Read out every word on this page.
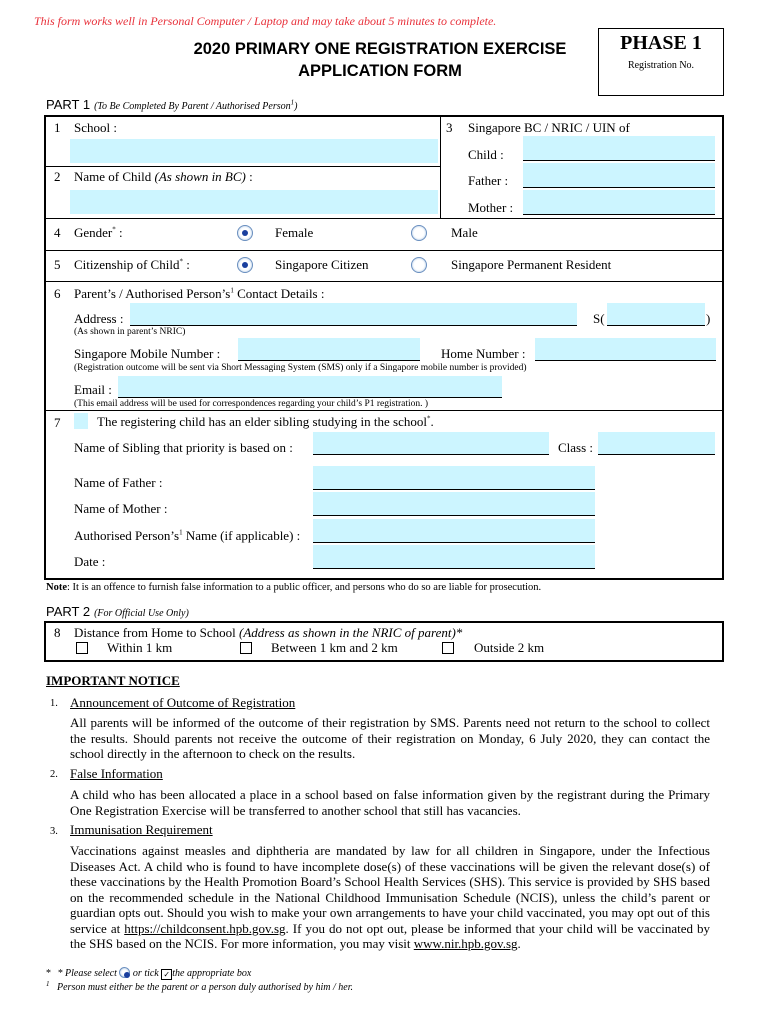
This form works well in Personal Computer / Laptop and may take about 5 minutes to complete.
2020 PRIMARY ONE REGISTRATION EXERCISE
APPLICATION FORM
PHASE 1
Registration No.
PART 1 (To Be Completed By Parent / Authorised Person$^1$)
1 School :
2 Name of Child (As shown in BC) :
3 Singapore BC / NRIC / UIN of
Child :
Father :
Mother :
4 Gender* :	Female	Male
5 Citizenship of Child* :	Singapore Citizen	Singapore Permanent Resident
6 Parent’s / Authorised $Person’s^1$ Contact Details :
Address :	S(	)
(As shown in parent’s NRIC)
Singapore Mobile Number :	Home Number :
(Registration outcome will be sent via Short Messaging System (SMS) only if a Singapore mobile number is provided)
Email :
(This email address will be used for correspondences regarding your child’s P1 registration. )
7	The registering child has an elder sibling studying in the school*.
Name of Sibling that priority is based on :	Class :
Name of Father :
Name of Mother :
Authorised $Person’s^1$ Name (if applicable) :
Date :
Note: It is an offence to furnish false information to a public officer, and persons who do so are liable for prosecution.
PART 2 (For Official Use Only)
8 Distance from Home to School (Address as shown in the NRIC of parent)*
Within 1 km	Between 1 km and 2 km	Outside 2 km
IMPORTANT NOTICE
1. Announcement of Outcome of Registration

All parents will be informed of the outcome of their registration by SMS. Parents need not return to the school to collect the results. Should parents not receive the outcome of their registration on Monday, 6 July 2020, they can contact the school directly in the afternoon to check on the results.

2. False Information

A child who has been allocated a place in a school based on false information given by the registrant during the Primary One Registration Exercise will be transferred to another school that still has vacancies.

3. Immunisation Requirement

Vaccinations against measles and diphtheria are mandated by law for all children in Singapore, under the Infectious Diseases Act. A child who is found to have incomplete dose(s) of these vaccinations will be given the relevant dose(s) of these vaccinations by the Health Promotion Board’s School Health Services (SHS). This service is provided by SHS based on the recommended schedule in the National Childhood Immunisation Schedule (NCIS), unless the child’s parent or guardian opts out. Should you wish to make your own arrangements to have your child vaccinated, you may opt out of this service at https://childconsent.hpb.gov.sg. If you do not opt out, please be informed that your child will be vaccinated by the SHS based on the NCIS. For more information, you may visit www.nir.hpb.gov.sg.

* * Please select  or tick ✓ the appropriate box
$^1$ Person must either be the parent or a person duly authorised by him / her.
